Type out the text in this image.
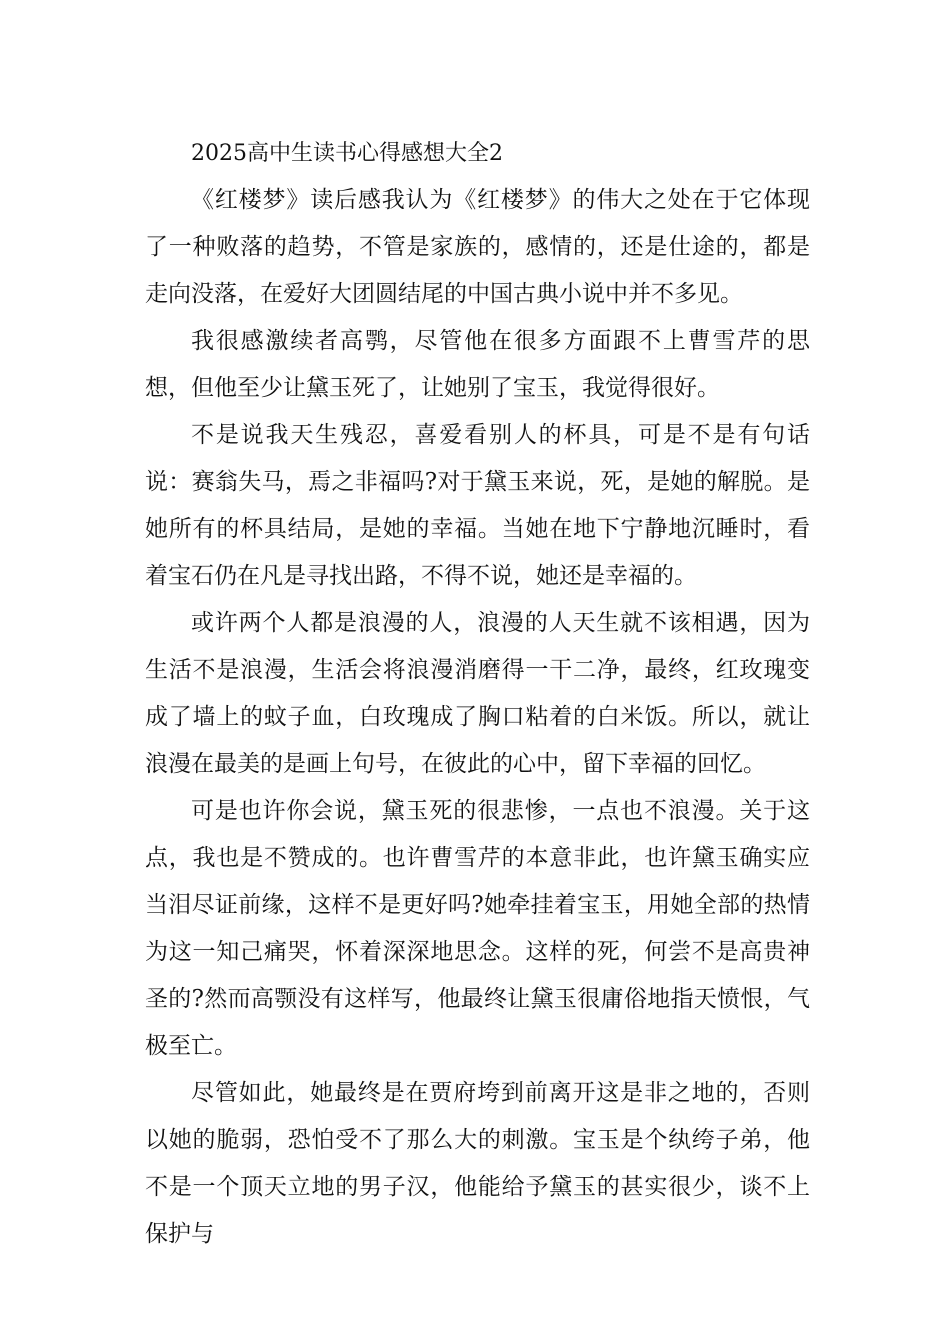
2025高中生读书心得感想大全2

《红楼梦》读后感我认为《红楼梦》的伟大之处在于它体现了一种败落的趋势，不管是家族的，感情的，还是仕途的，都是走向没落，在爱好大团圆结尾的中国古典小说中并不多见。

我很感激续者高鹗，尽管他在很多方面跟不上曹雪芹的思想，但他至少让黛玉死了，让她别了宝玉，我觉得很好。

不是说我天生残忍，喜爱看别人的杯具，可是不是有句话说：赛翁失马，焉之非福吗?对于黛玉来说，死，是她的解脱。是她所有的杯具结局，是她的幸福。当她在地下宁静地沉睡时，看着宝石仍在凡是寻找出路，不得不说，她还是幸福的。

或许两个人都是浪漫的人，浪漫的人天生就不该相遇，因为生活不是浪漫，生活会将浪漫消磨得一干二净，最终，红玫瑰变成了墙上的蚊子血，白玫瑰成了胸口粘着的白米饭。所以，就让浪漫在最美的是画上句号，在彼此的心中，留下幸福的回忆。

可是也许你会说，黛玉死的很悲惨，一点也不浪漫。关于这点，我也是不赞成的。也许曹雪芹的本意非此，也许黛玉确实应当泪尽证前缘，这样不是更好吗?她牵挂着宝玉，用她全部的热情为这一知己痛哭，怀着深深地思念。这样的死，何尝不是高贵神圣的?然而高颚没有这样写，他最终让黛玉很庸俗地指天愤恨，气极至亡。

尽管如此，她最终是在贾府垮到前离开这是非之地的，否则以她的脆弱，恐怕受不了那么大的刺激。宝玉是个纨绔子弟，他不是一个顶天立地的男子汉，他能给予黛玉的甚实很少，谈不上保护与
